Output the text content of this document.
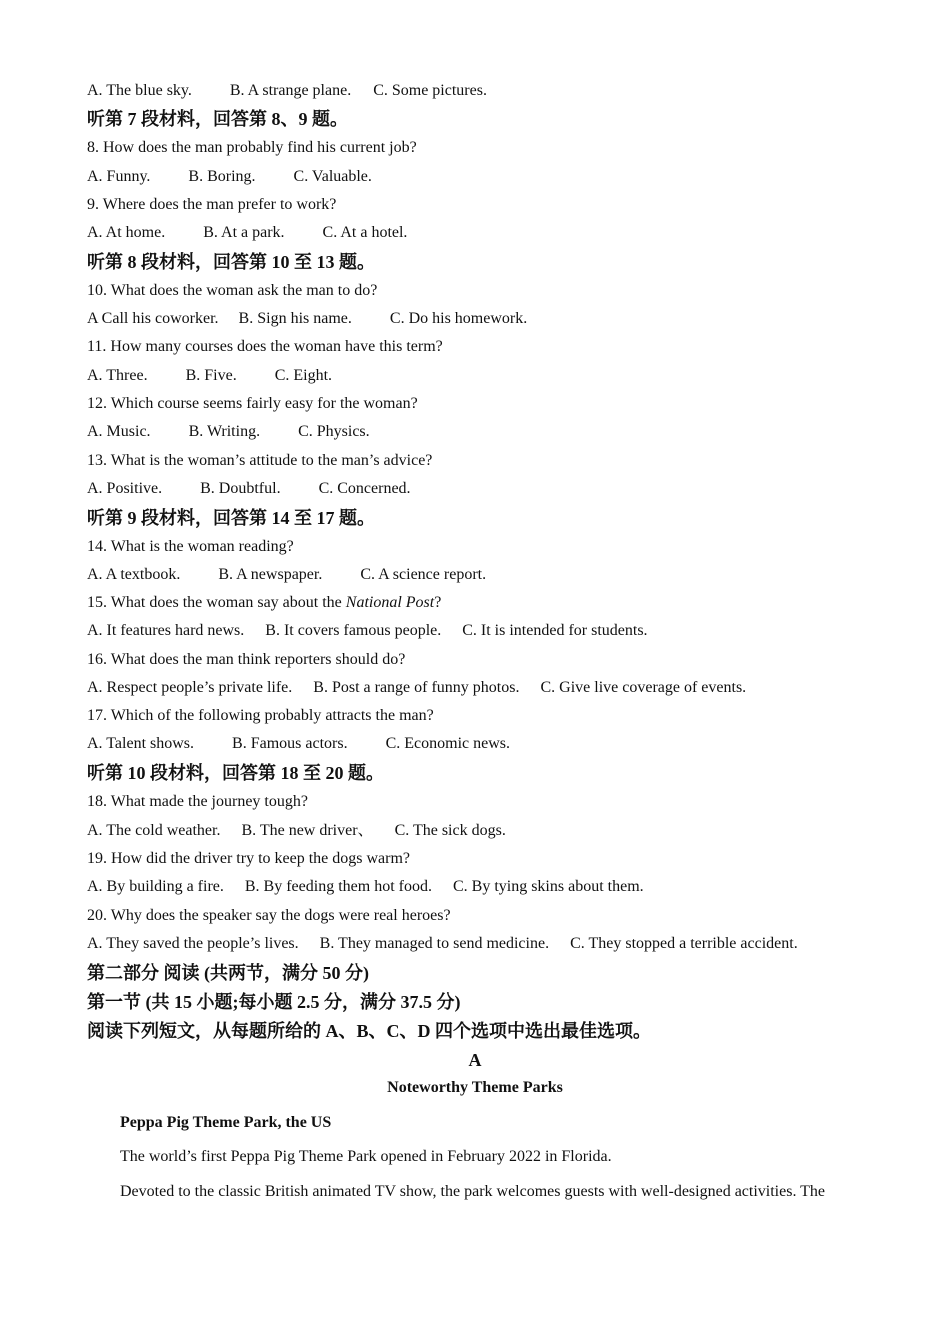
A. The blue sky. B. A strange plane. C. Some pictures.
听第 7 段材料，回答第 8、9 题。
8. How does the man probably find his current job?
A. Funny. B. Boring. C. Valuable.
9. Where does the man prefer to work?
A. At home. B. At a park. C. At a hotel.
听第 8 段材料，回答第 10 至 13 题。
10. What does the woman ask the man to do?
A Call his coworker. B. Sign his name. C. Do his homework.
11. How many courses does the woman have this term?
A. Three. B. Five. C. Eight.
12. Which course seems fairly easy for the woman?
A. Music. B. Writing. C. Physics.
13. What is the woman’s attitude to the man’s advice?
A. Positive. B. Doubtful. C. Concerned.
听第 9 段材料，回答第 14 至 17 题。
14. What is the woman reading?
A. A textbook. B. A newspaper. C. A science report.
15. What does the woman say about the National Post?
A. It features hard news. B. It covers famous people. C. It is intended for students.
16. What does the man think reporters should do?
A. Respect people’s private life. B. Post a range of funny photos. C. Give live coverage of events.
17. Which of the following probably attracts the man?
A. Talent shows. B. Famous actors. C. Economic news.
听第 10 段材料，回答第 18 至 20 题。
18. What made the journey tough?
A. The cold weather. B. The new driver、 C. The sick dogs.
19. How did the driver try to keep the dogs warm?
A. By building a fire. B. By feeding them hot food. C. By tying skins about them.
20. Why does the speaker say the dogs were real heroes?
A. They saved the people’s lives. B. They managed to send medicine. C. They stopped a terrible accident.
第二部分 阅读 (共两节，满分 50 分)
第一节 (共 15 小题;每小题 2.5 分，满分 37.5 分)
阅读下列短文，从每题所给的 A、B、C、D 四个选项中选出最佳选项。
A
Noteworthy Theme Parks
Peppa Pig Theme Park, the US
The world’s first Peppa Pig Theme Park opened in February 2022 in Florida.
Devoted to the classic British animated TV show, the park welcomes guests with well-designed activities. The
